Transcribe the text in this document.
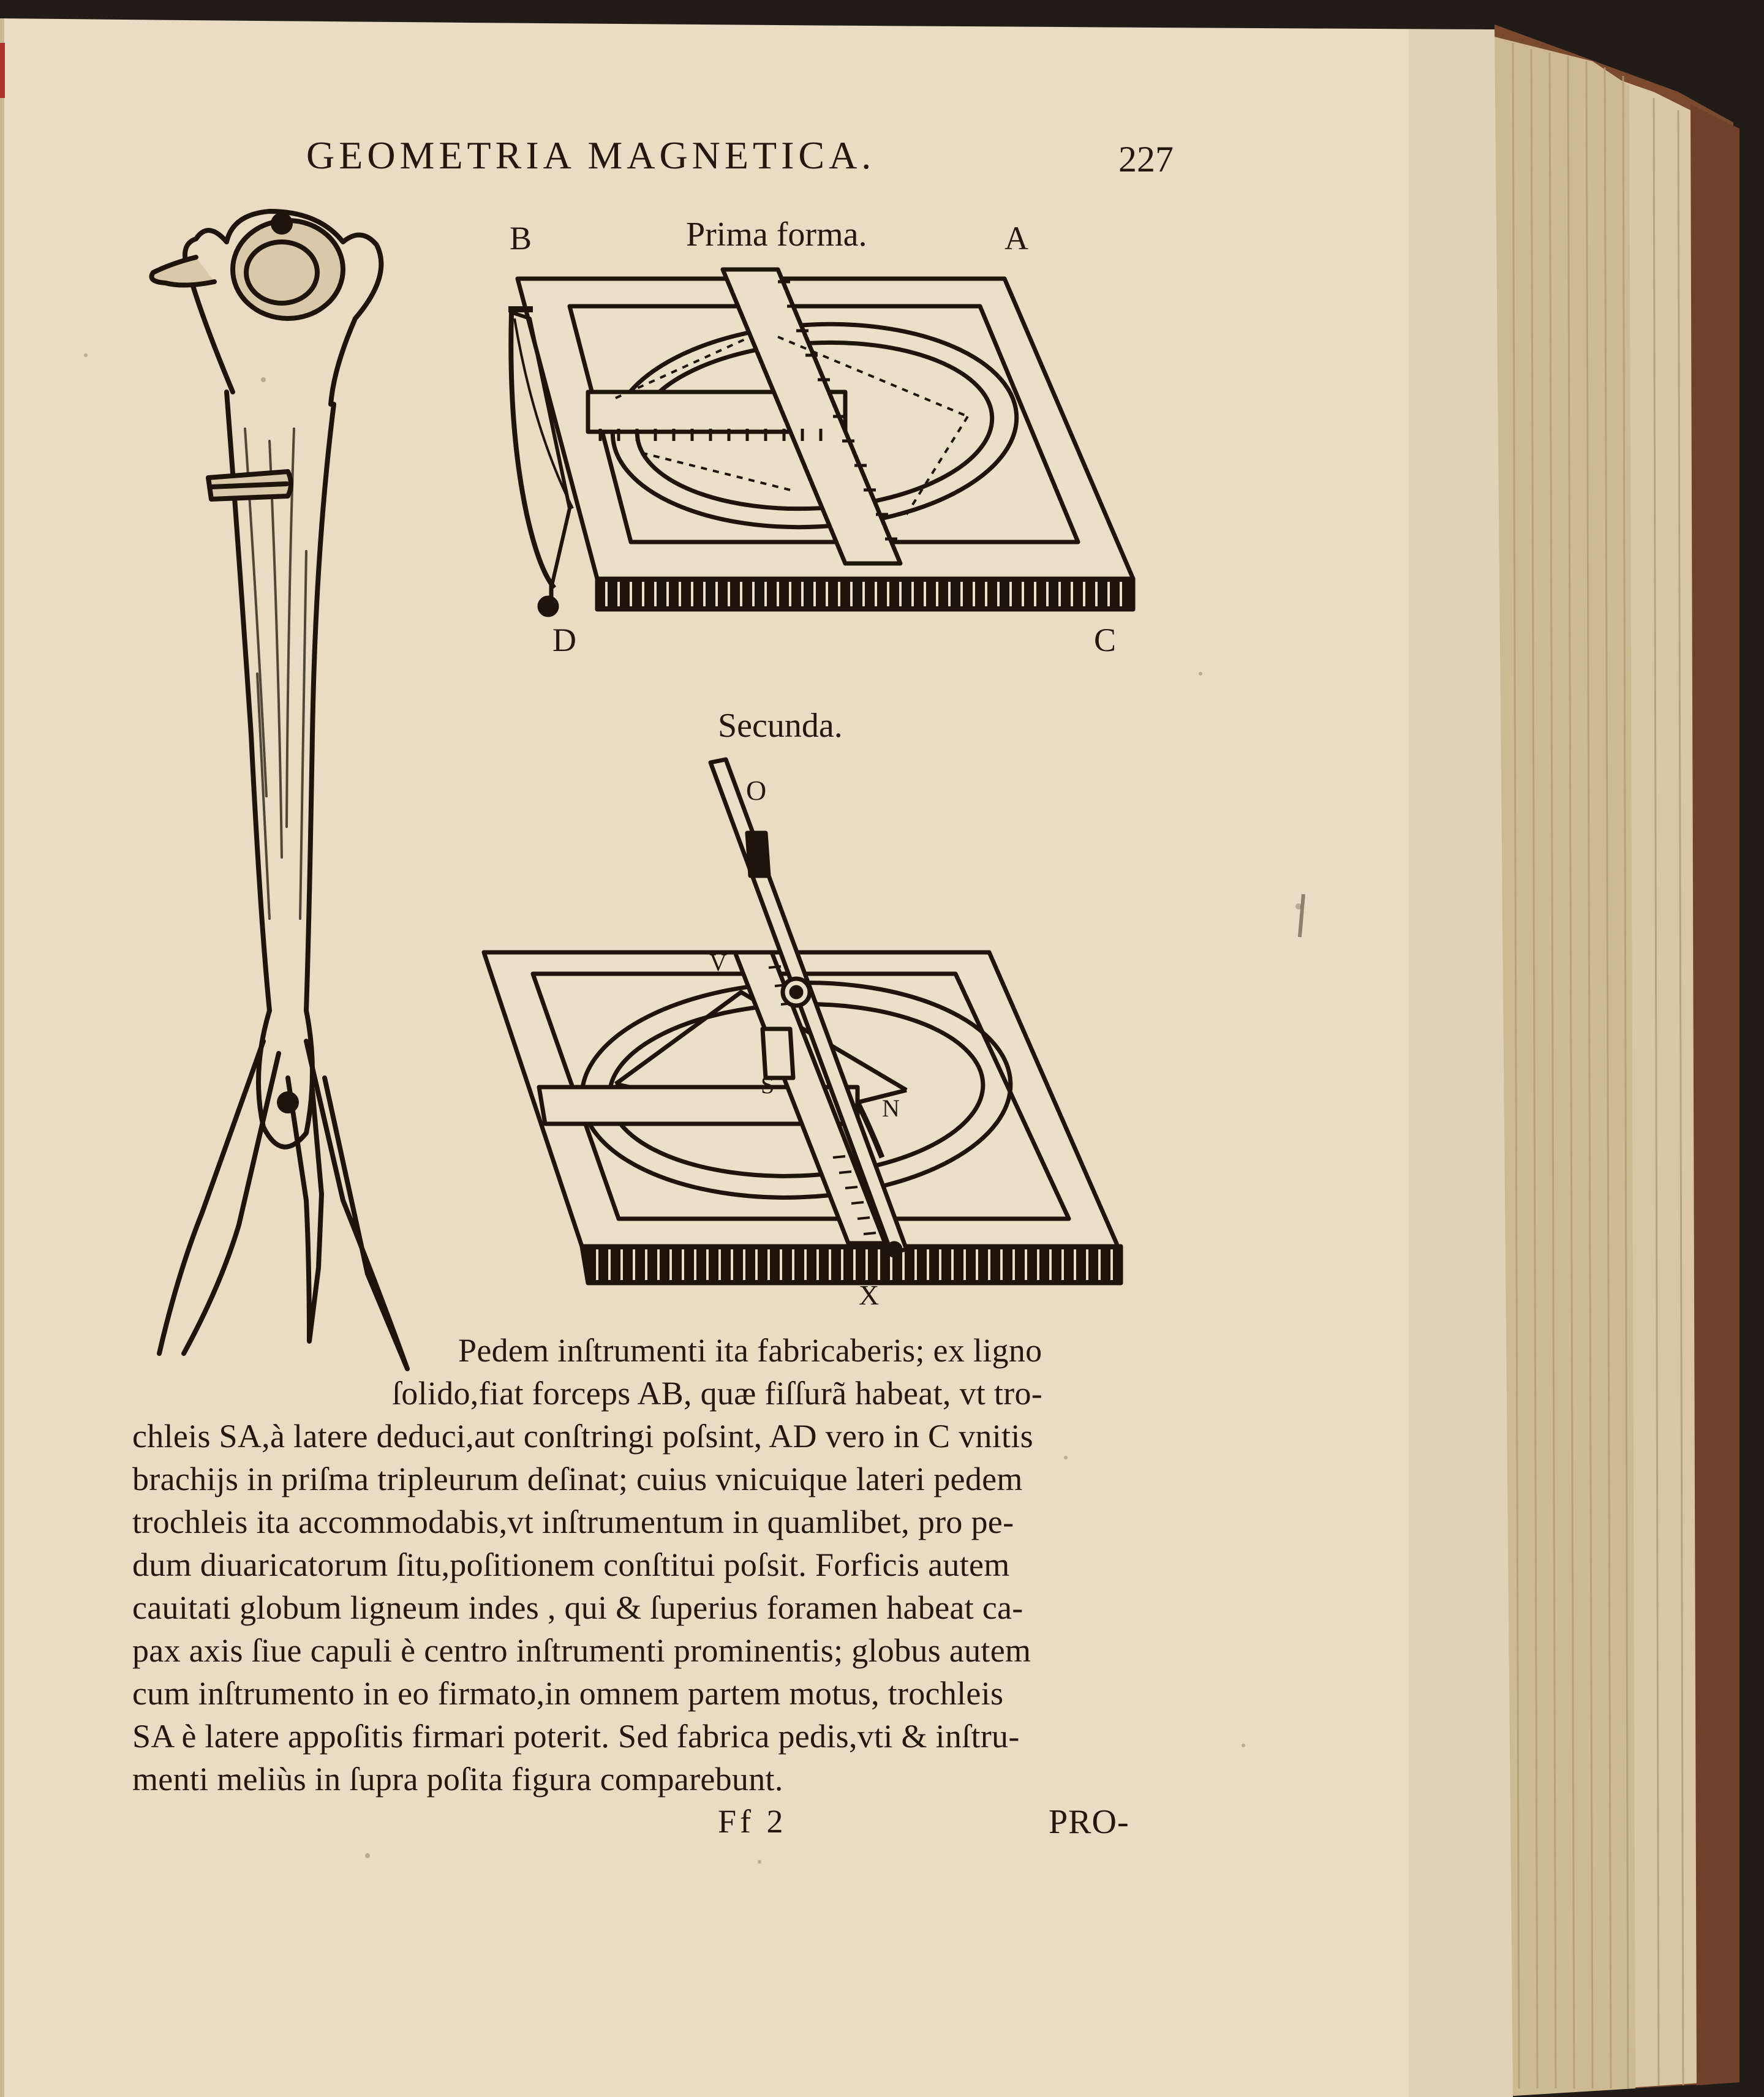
GEOMETRIA MAGNETICA.	227
Prima forma.
B	A
D	C
Secunda.
O
V
S
N
X
Pedem inſtrumenti ita fabricaberis; ex ligno
ſolido,fiat forceps AB, quæ fiſſurã habeat, vt tro-
chleis SA,à latere deduci,aut conſtringi poſsint, AD vero in C vnitis
brachijs in priſma tripleurum deſinat; cuius vnicuique lateri pedem
trochleis ita accommodabis,vt inſtrumentum in quamlibet, pro pe-
dum diuaricatorum ſitu,poſitionem conſtitui poſsit. Forficis autem
cauitati globum ligneum indes , qui & ſuperius foramen habeat ca-
pax axis ſiue capuli è centro inſtrumenti prominentis; globus autem
cum inſtrumento in eo firmato,in omnem partem motus, trochleis
SA è latere appoſitis firmari poterit. Sed fabrica pedis,vti & inſtru-
menti meliùs in ſupra poſita figura comparebunt.
Ff 2	PRO-
